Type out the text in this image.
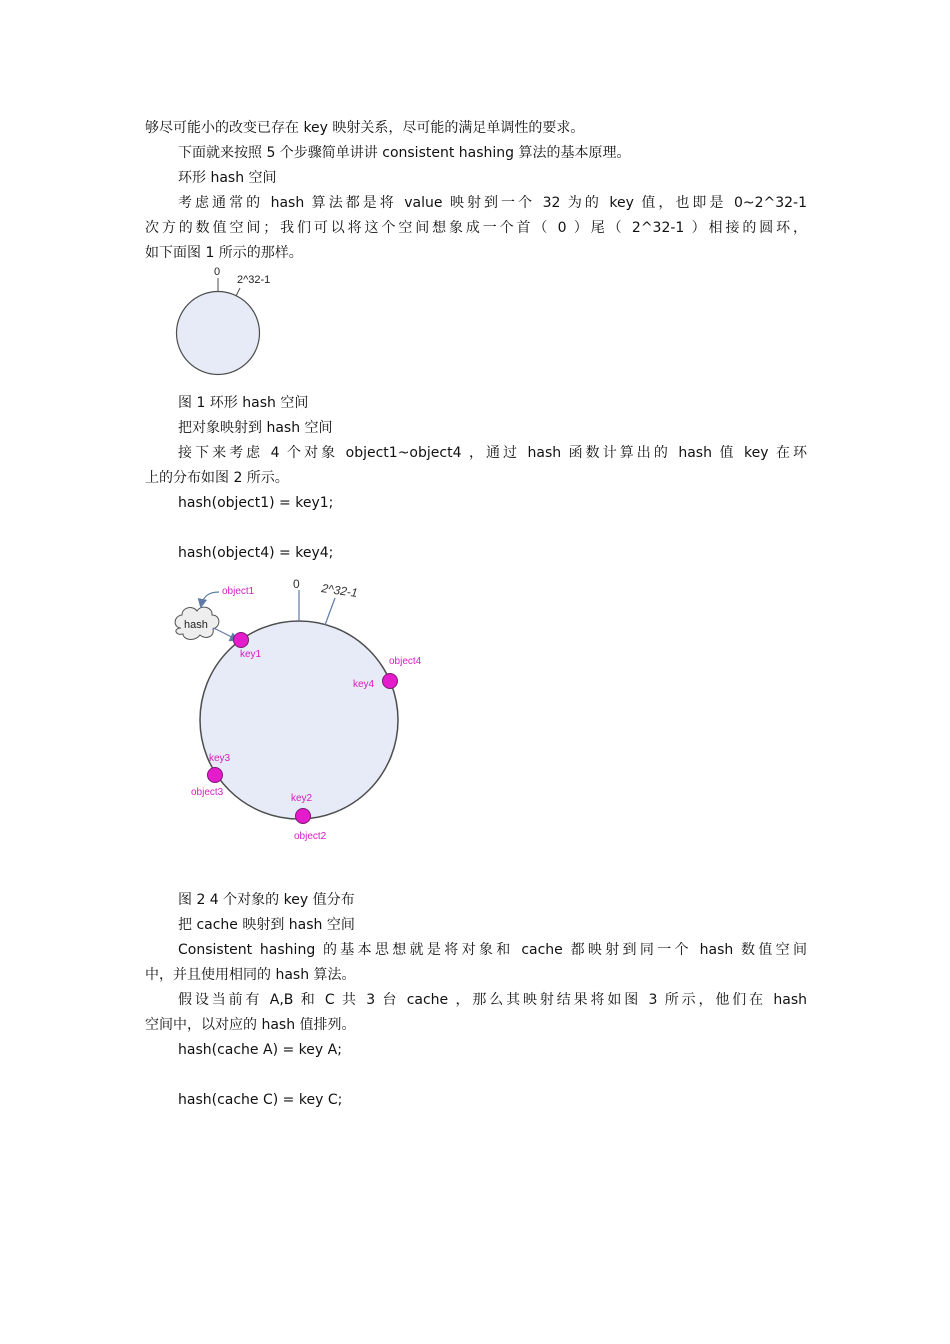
够尽可能小的改变已存在 key 映射关系，尽可能的满足单调性的要求。
下面就来按照 5 个步骤简单讲讲 consistent hashing 算法的基本原理。
环形 hash 空间
考虑通常的 hash 算法都是将 value 映射到一个 32 为的 key 值，也即是 0~2^32-1
次方的数值空间；我们可以将这个空间想象成一个首（ 0 ）尾（ 2^32-1 ）相接的圆环，
如下面图 1 所示的那样。
0
2^32-1
图 1 环形 hash 空间
把对象映射到 hash 空间
接下来考虑 4 个对象 object1~object4 ，通过 hash 函数计算出的 hash 值 key 在环
上的分布如图 2 所示。
hash(object1) = key1;
hash(object4) = key4;
0 2^32-1
hash
object1
key1
object4
key4
key3
object3
key2
object2
图 2 4 个对象的 key 值分布
把 cache 映射到 hash 空间
Consistent hashing 的基本思想就是将对象和 cache 都映射到同一个 hash 数值空间
中，并且使用相同的 hash 算法。
假设当前有 A,B 和 C 共 3 台 cache ，那么其映射结果将如图 3 所示，他们在 hash
空间中，以对应的 hash 值排列。
hash(cache A) = key A;
hash(cache C) = key C;
